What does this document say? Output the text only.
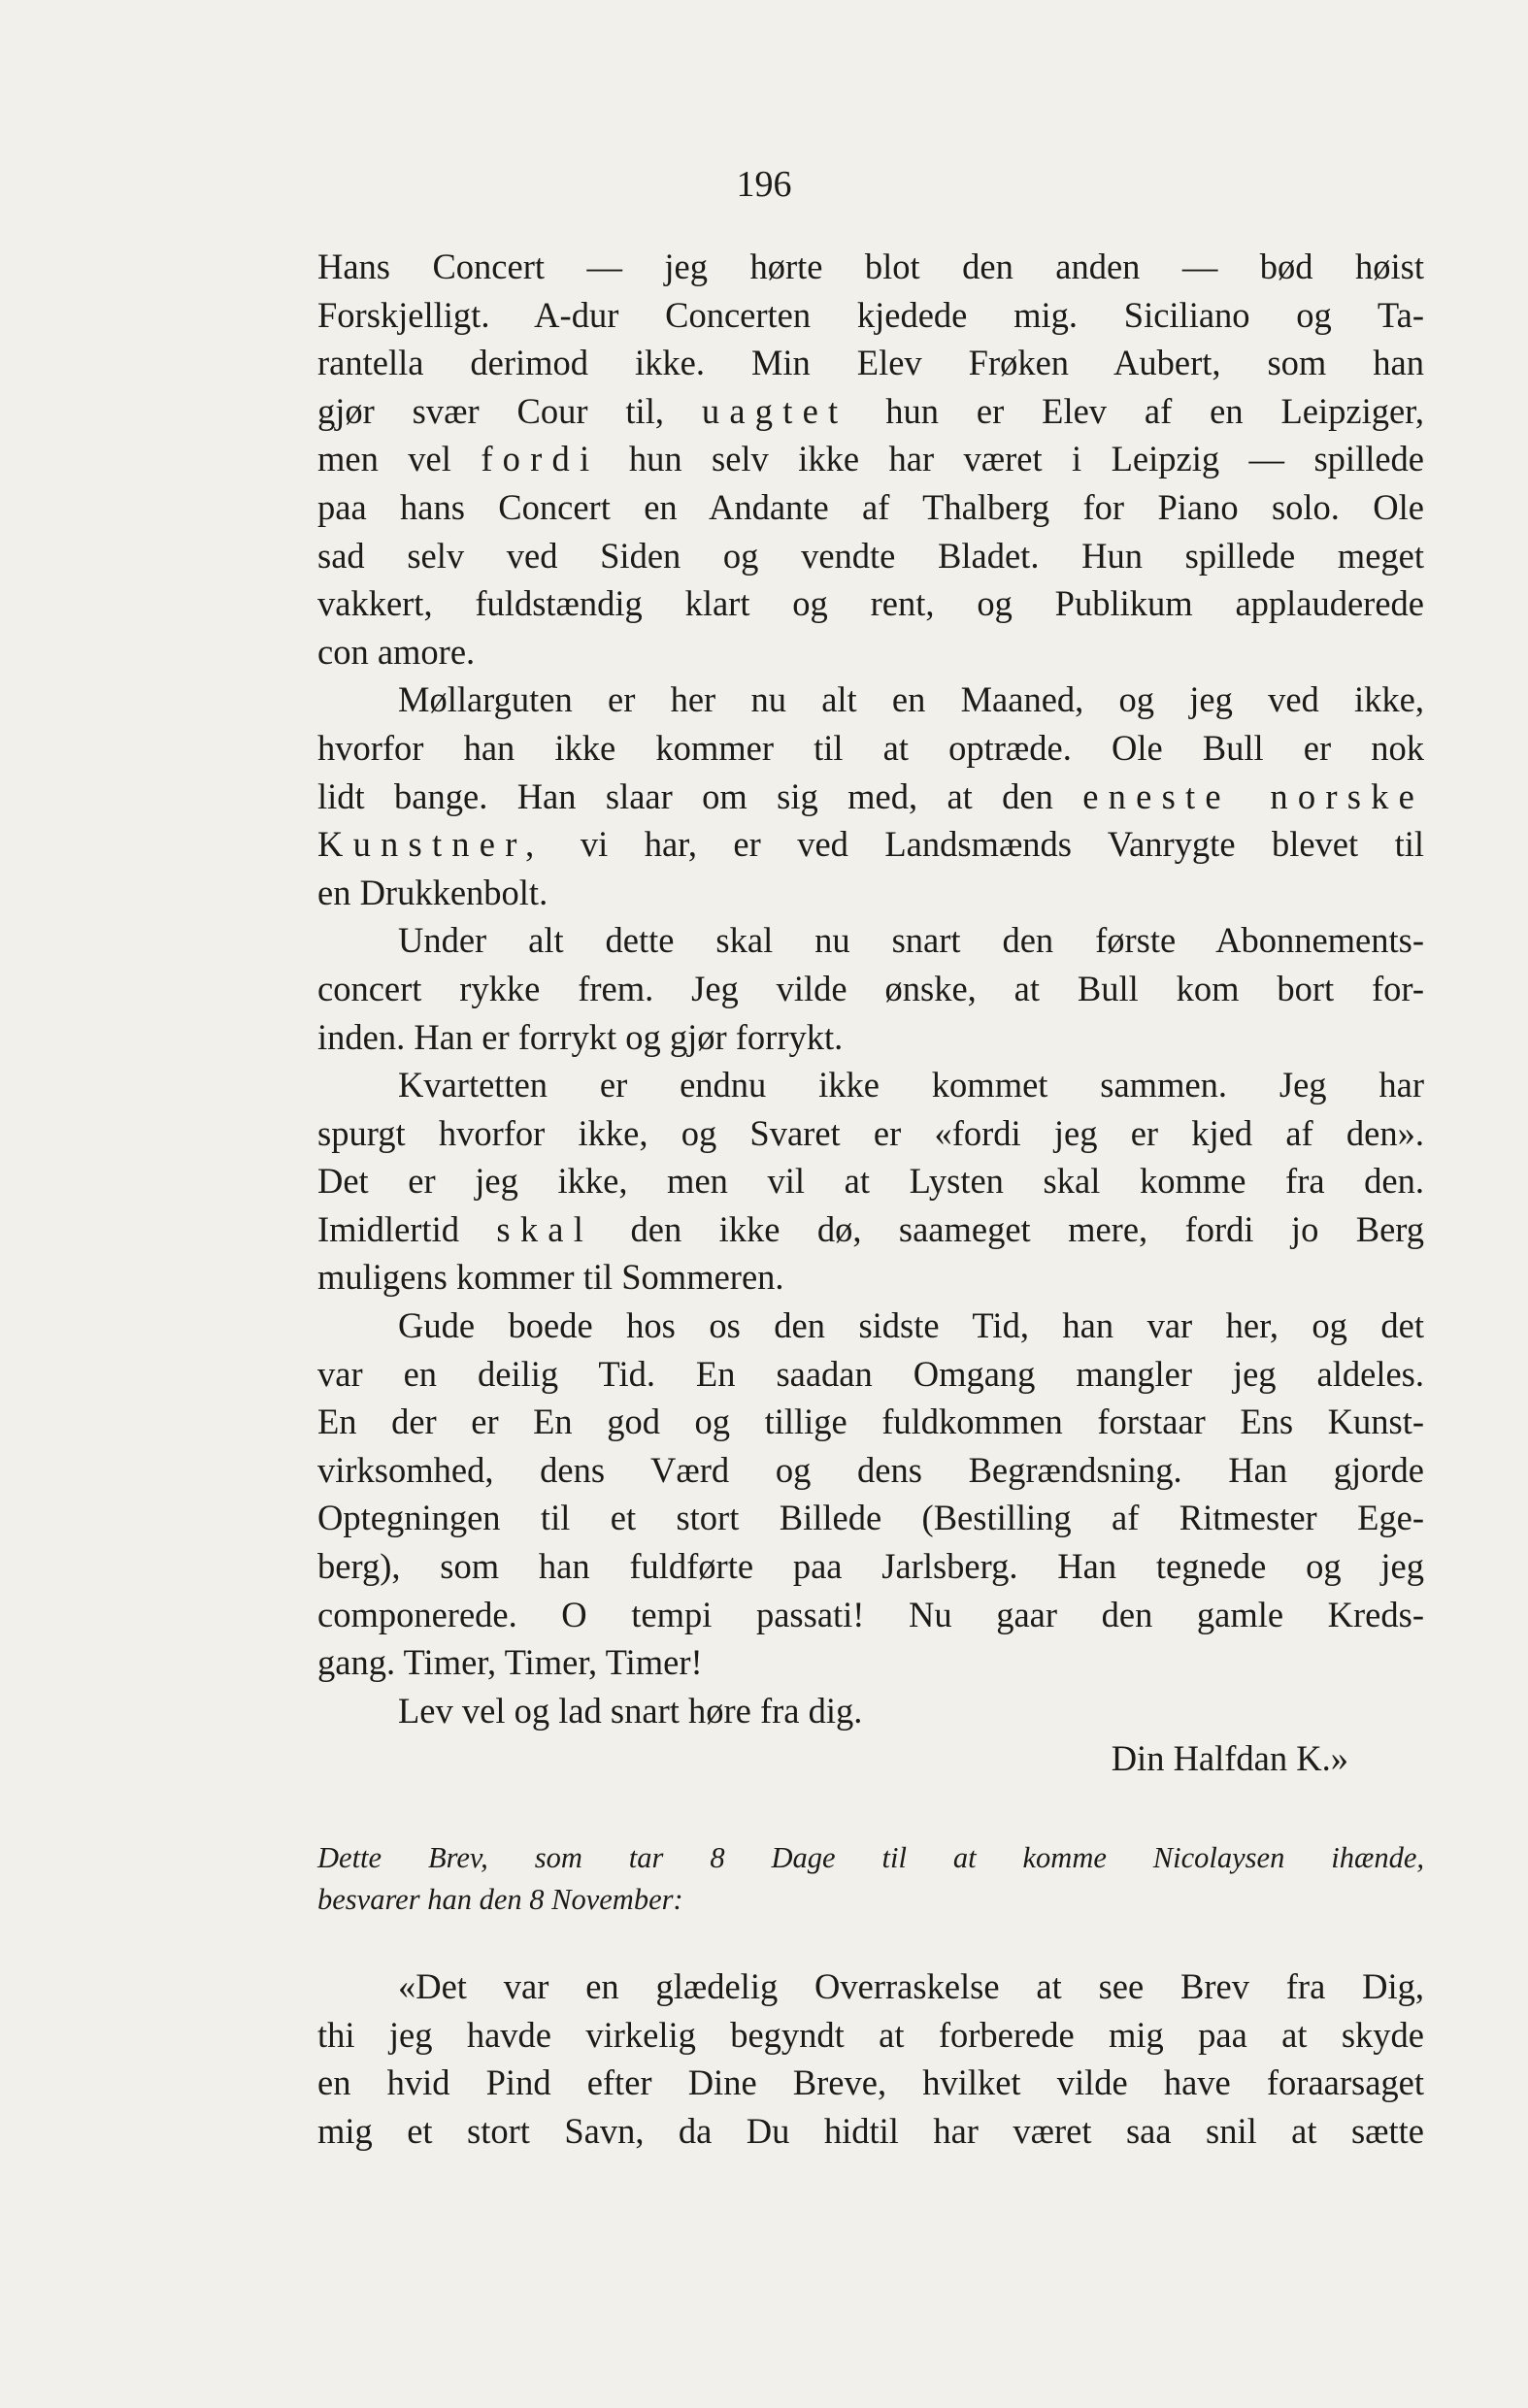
196
Hans Concert — jeg hørte blot den anden — bød høist
Forskjelligt. A-dur Concerten kjedede mig. Siciliano og Ta-
rantella derimod ikke. Min Elev Frøken Aubert, som han
gjør svær Cour til, uagtet hun er Elev af en Leipziger,
men vel fordi hun selv ikke har været i Leipzig — spillede
paa hans Concert en Andante af Thalberg for Piano solo. Ole
sad selv ved Siden og vendte Bladet. Hun spillede meget
vakkert, fuldstændig klart og rent, og Publikum applauderede
con amore.
Møllarguten er her nu alt en Maaned, og jeg ved ikke,
hvorfor han ikke kommer til at optræde. Ole Bull er nok
lidt bange. Han slaar om sig med, at den eneste norske
Kunstner, vi har, er ved Landsmænds Vanrygte blevet til
en Drukkenbolt.
Under alt dette skal nu snart den første Abonnements-
concert rykke frem. Jeg vilde ønske, at Bull kom bort for-
inden. Han er forrykt og gjør forrykt.
Kvartetten er endnu ikke kommet sammen. Jeg har
spurgt hvorfor ikke, og Svaret er «fordi jeg er kjed af den».
Det er jeg ikke, men vil at Lysten skal komme fra den.
Imidlertid skal den ikke dø, saameget mere, fordi jo Berg
muligens kommer til Sommeren.
Gude boede hos os den sidste Tid, han var her, og det
var en deilig Tid. En saadan Omgang mangler jeg aldeles.
En der er En god og tillige fuldkommen forstaar Ens Kunst-
virksomhed, dens Værd og dens Begrændsning. Han gjorde
Optegningen til et stort Billede (Bestilling af Ritmester Ege-
berg), som han fuldførte paa Jarlsberg. Han tegnede og jeg
componerede. O tempi passati! Nu gaar den gamle Kreds-
gang. Timer, Timer, Timer!
Lev vel og lad snart høre fra dig.
Din Halfdan K.»
Dette Brev, som tar 8 Dage til at komme Nicolaysen ihænde,
besvarer han den 8 November:
«Det var en glædelig Overraskelse at see Brev fra Dig,
thi jeg havde virkelig begyndt at forberede mig paa at skyde
en hvid Pind efter Dine Breve, hvilket vilde have foraarsaget
mig et stort Savn, da Du hidtil har været saa snil at sætte
